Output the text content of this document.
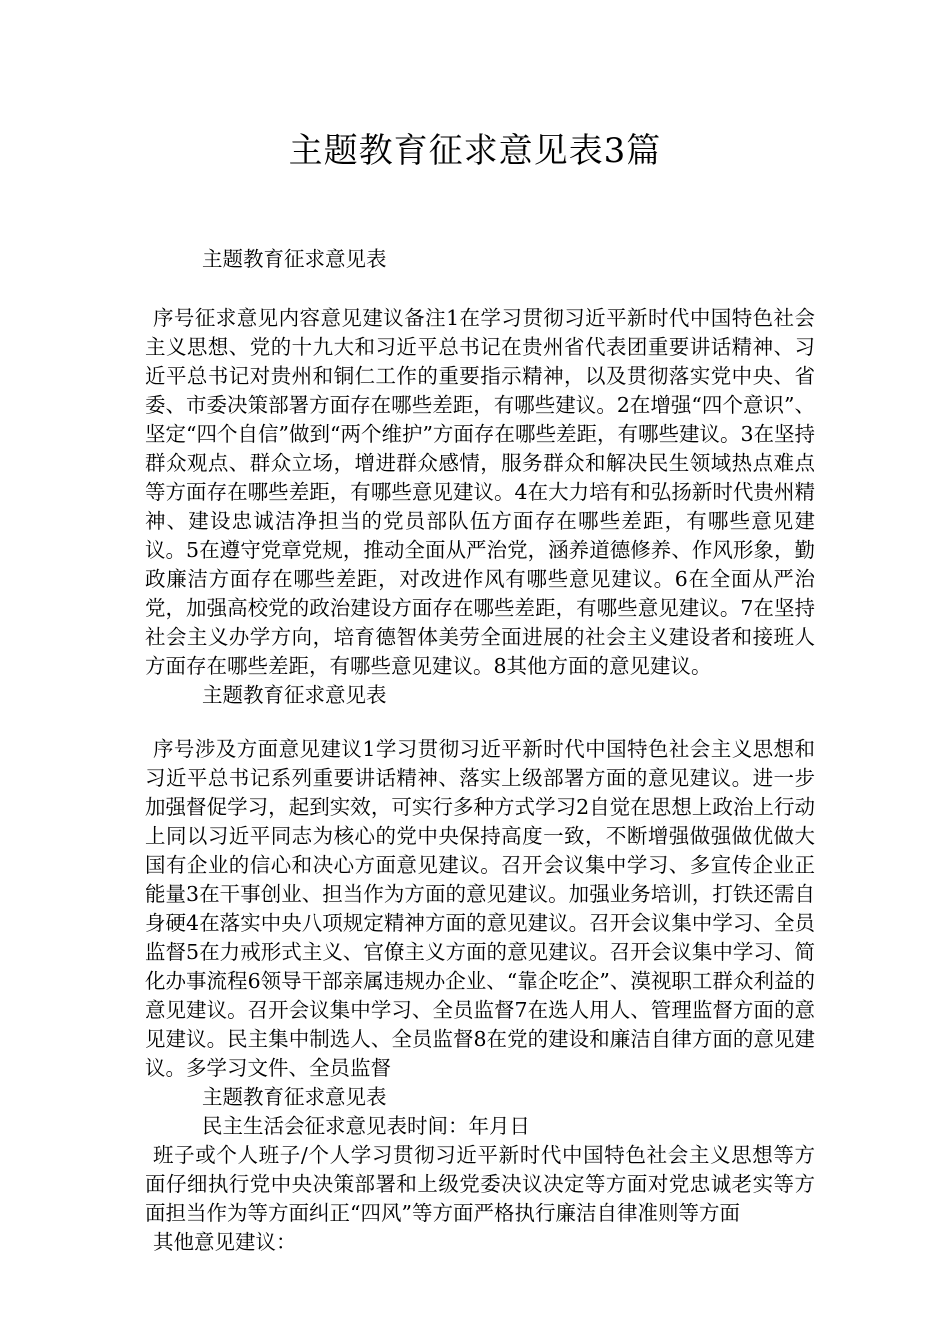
主题教育征求意见表3篇

主题教育征求意见表

序号征求意见内容意见建议备注1在学习贯彻习近平新时代中国特色社会主义思想、党的十九大和习近平总书记在贵州省代表团重要讲话精神、习近平总书记对贵州和铜仁工作的重要指示精神，以及贯彻落实党中央、省委、市委决策部署方面存在哪些差距，有哪些建议。2在增强“四个意识”、坚定“四个自信”做到“两个维护”方面存在哪些差距，有哪些建议。3在坚持群众观点、群众立场，增进群众感情，服务群众和解决民生领域热点难点等方面存在哪些差距，有哪些意见建议。4在大力培有和弘扬新时代贵州精神、建设忠诚洁净担当的党员部队伍方面存在哪些差距，有哪些意见建议。5在遵守党章党规，推动全面从严治党，涵养道德修养、作风形象，勤政廉洁方面存在哪些差距，对改进作风有哪些意见建议。6在全面从严治党，加强高校党的政治建设方面存在哪些差距，有哪些意见建议。7在坚持社会主义办学方向，培育德智体美劳全面进展的社会主义建设者和接班人方面存在哪些差距，有哪些意见建议。8其他方面的意见建议。

主题教育征求意见表

序号涉及方面意见建议1学习贯彻习近平新时代中国特色社会主义思想和习近平总书记系列重要讲话精神、落实上级部署方面的意见建议。进一步加强督促学习，起到实效，可实行多种方式学习2自觉在思想上政治上行动上同以习近平同志为核心的党中央保持高度一致，不断增强做强做优做大国有企业的信心和决心方面意见建议。召开会议集中学习、多宣传企业正能量3在干事创业、担当作为方面的意见建议。加强业务培训，打铁还需自身硬4在落实中央八项规定精神方面的意见建议。召开会议集中学习、全员监督5在力戒形式主义、官僚主义方面的意见建议。召开会议集中学习、简化办事流程6领导干部亲属违规办企业、“靠企吃企”、漠视职工群众利益的意见建议。召开会议集中学习、全员监督7在选人用人、管理监督方面的意见建议。民主集中制选人、全员监督8在党的建设和廉洁自律方面的意见建议。多学习文件、全员监督

主题教育征求意见表

民主生活会征求意见表时间：年月日

班子或个人班子/个人学习贯彻习近平新时代中国特色社会主义思想等方面仔细执行党中央决策部署和上级党委决议决定等方面对党忠诚老实等方面担当作为等方面纠正“四风”等方面严格执行廉洁自律准则等方面

其他意见建议：
